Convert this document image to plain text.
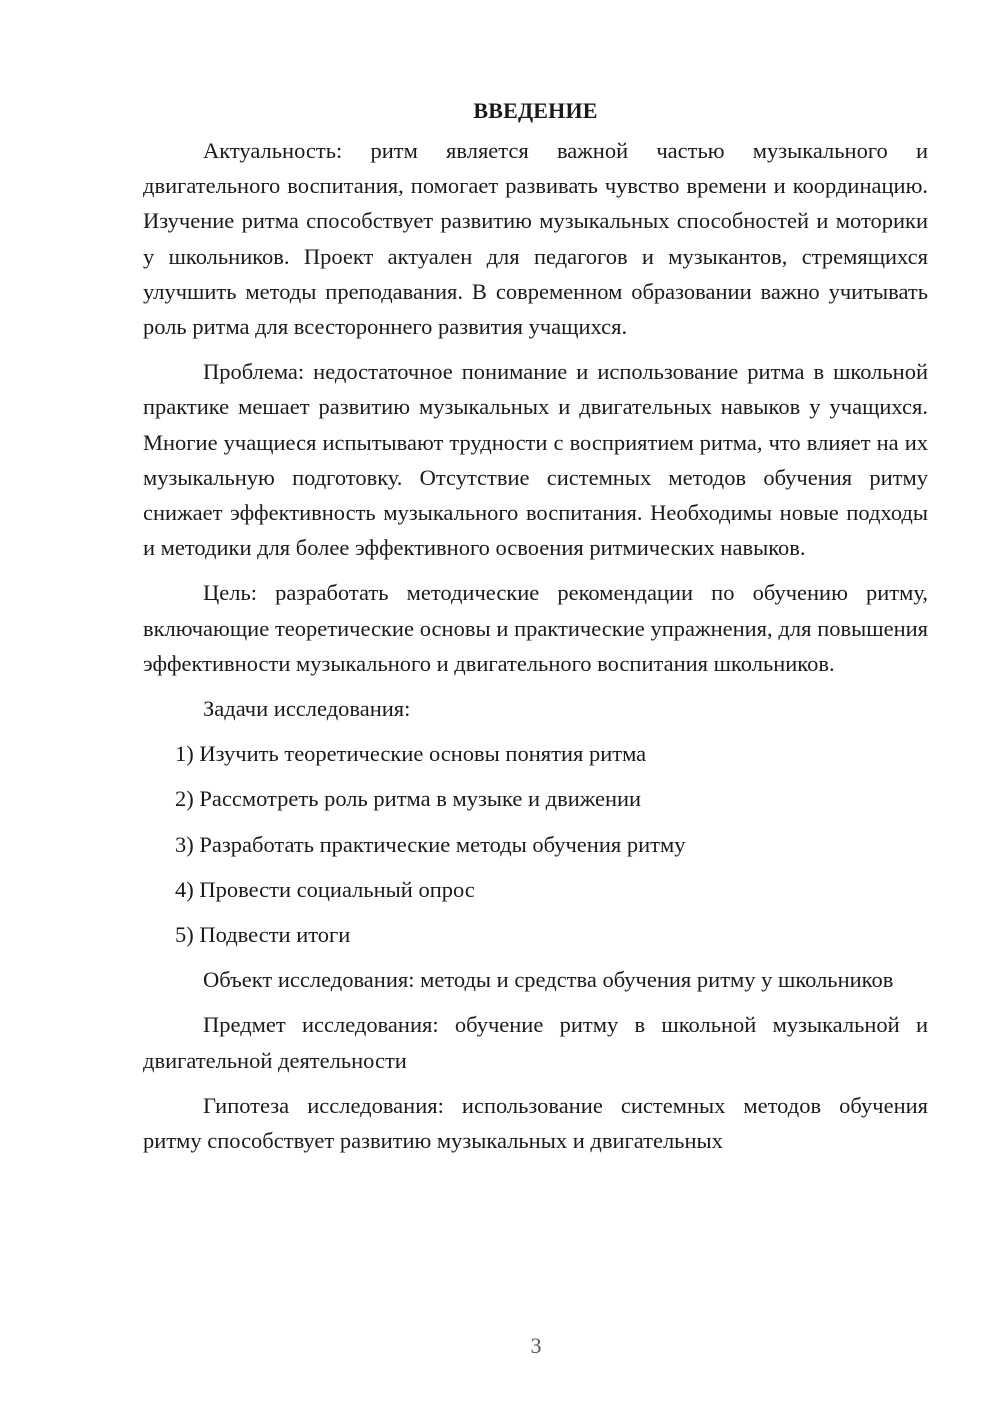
ВВЕДЕНИЕ

Актуальность: ритм является важной частью музыкального и двигательного воспитания, помогает развивать чувство времени и координацию. Изучение ритма способствует развитию музыкальных способностей и моторики у школьников. Проект актуален для педагогов и музыкантов, стремящихся улучшить методы преподавания. В современном образовании важно учитывать роль ритма для всестороннего развития учащихся.

Проблема: недостаточное понимание и использование ритма в школьной практике мешает развитию музыкальных и двигательных навыков у учащихся. Многие учащиеся испытывают трудности с восприятием ритма, что влияет на их музыкальную подготовку. Отсутствие системных методов обучения ритму снижает эффективность музыкального воспитания. Необходимы новые подходы и методики для более эффективного освоения ритмических навыков.

Цель: разработать методические рекомендации по обучению ритму, включающие теоретические основы и практические упражнения, для повышения эффективности музыкального и двигательного воспитания школьников.

Задачи исследования:

1) Изучить теоретические основы понятия ритма

2) Рассмотреть роль ритма в музыке и движении

3) Разработать практические методы обучения ритму

4) Провести социальный опрос

5) Подвести итоги

Объект исследования: методы и средства обучения ритму у школьников

Предмет исследования: обучение ритму в школьной музыкальной и двигательной деятельности

Гипотеза исследования: использование системных методов обучения ритму способствует развитию музыкальных и двигательных

3
